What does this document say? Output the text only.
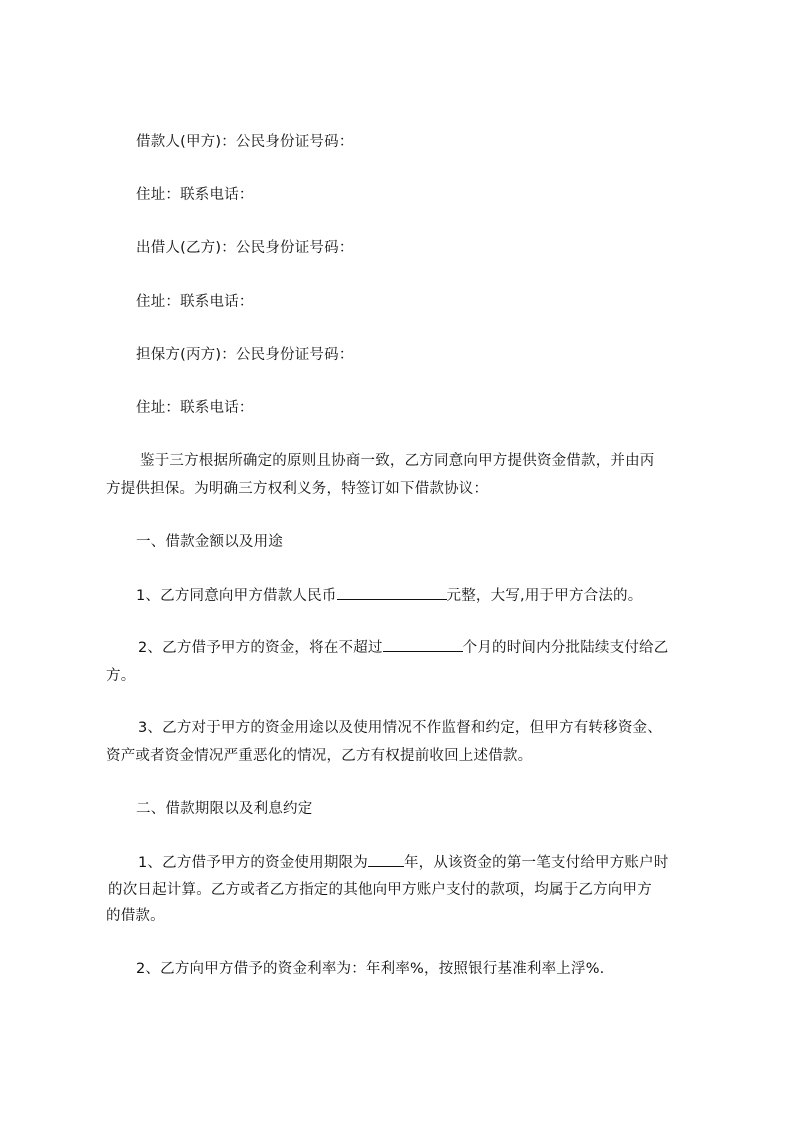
借款人(甲方)：公民身份证号码：
住址：联系电话：
出借人(乙方)：公民身份证号码：
住址：联系电话：
担保方(丙方)：公民身份证号码：
住址：联系电话：
鉴于三方根据所确定的原则且协商一致，乙方同意向甲方提供资金借款，并由丙
方提供担保。为明确三方权利义务，特签订如下借款协议：
一、借款金额以及用途
1、乙方同意向甲方借款人民币	元整，大写,用于甲方合法的。
2、乙方借予甲方的资金，将在不超过	个月的时间内分批陆续支付给乙
方。
3、乙方对于甲方的资金用途以及使用情况不作监督和约定，但甲方有转移资金、
资产或者资金情况严重恶化的情况，乙方有权提前收回上述借款。
二、借款期限以及利息约定
1、乙方借予甲方的资金使用期限为 年，从该资金的第一笔支付给甲方账户时
的次日起计算。乙方或者乙方指定的其他向甲方账户支付的款项，均属于乙方向甲方
的借款。
2、乙方向甲方借予的资金利率为：年利率%，按照银行基准利率上浮%.
